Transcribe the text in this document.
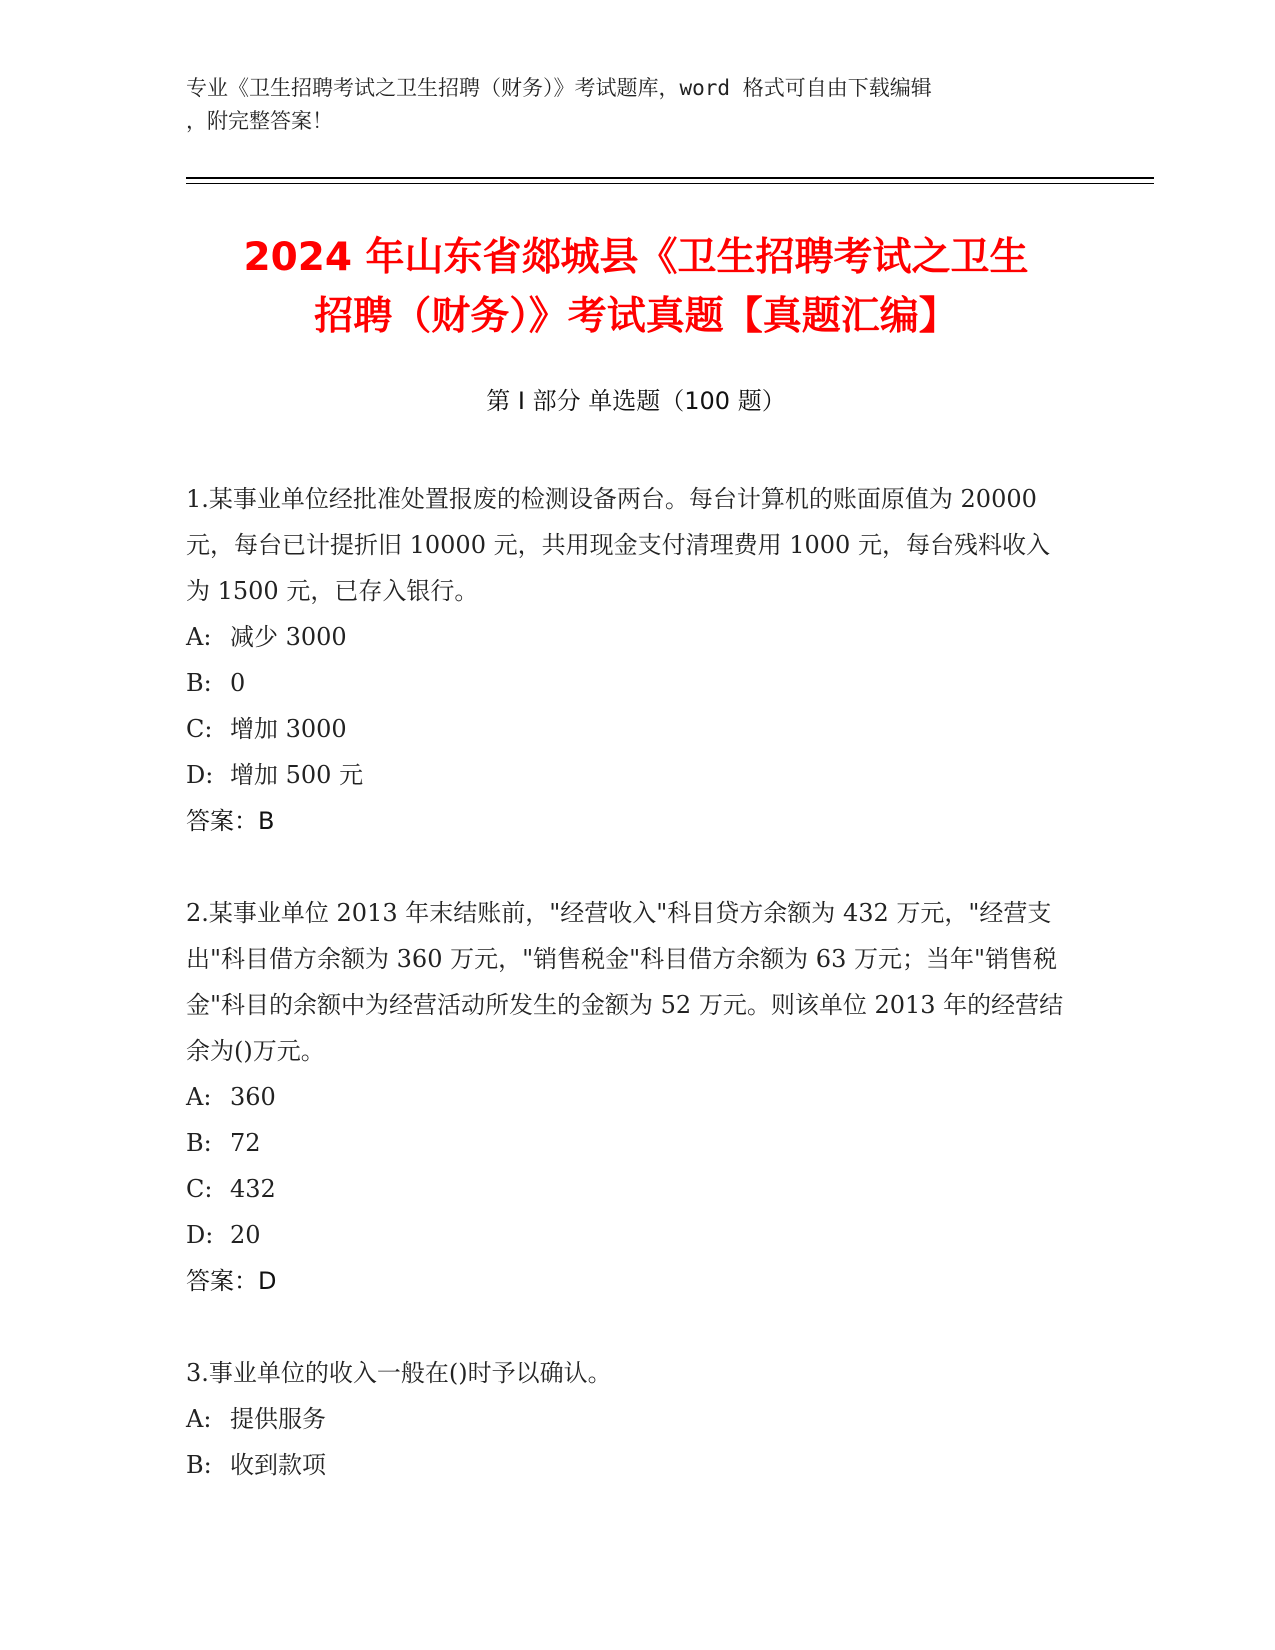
专业《卫生招聘考试之卫生招聘（财务）》考试题库，word 格式可自由下载编辑
，附完整答案！
2024 年山东省郯城县《卫生招聘考试之卫生
招聘（财务）》考试真题【真题汇编】
第 I 部分 单选题（100 题）

1.某事业单位经批准处置报废的检测设备两台。每台计算机的账面原值为 20000 元，每台已计提折旧 10000 元，共用现金支付清理费用 1000 元，每台残料收入为 1500 元，已存入银行。

A: 减少 3000

B: 0

C: 增加 3000

D: 增加 500 元

答案：B

2.某事业单位 2013 年末结账前，"经营收入"科目贷方余额为 432 万元，"经营支出"科目借方余额为 360 万元，"销售税金"科目借方余额为 63 万元；当年"销售税金"科目的余额中为经营活动所发生的金额为 52 万元。则该单位 2013 年的经营结余为()万元。

A: 360

B: 72

C: 432

D: 20

答案：D

3.事业单位的收入一般在()时予以确认。

A: 提供服务

B: 收到款项
